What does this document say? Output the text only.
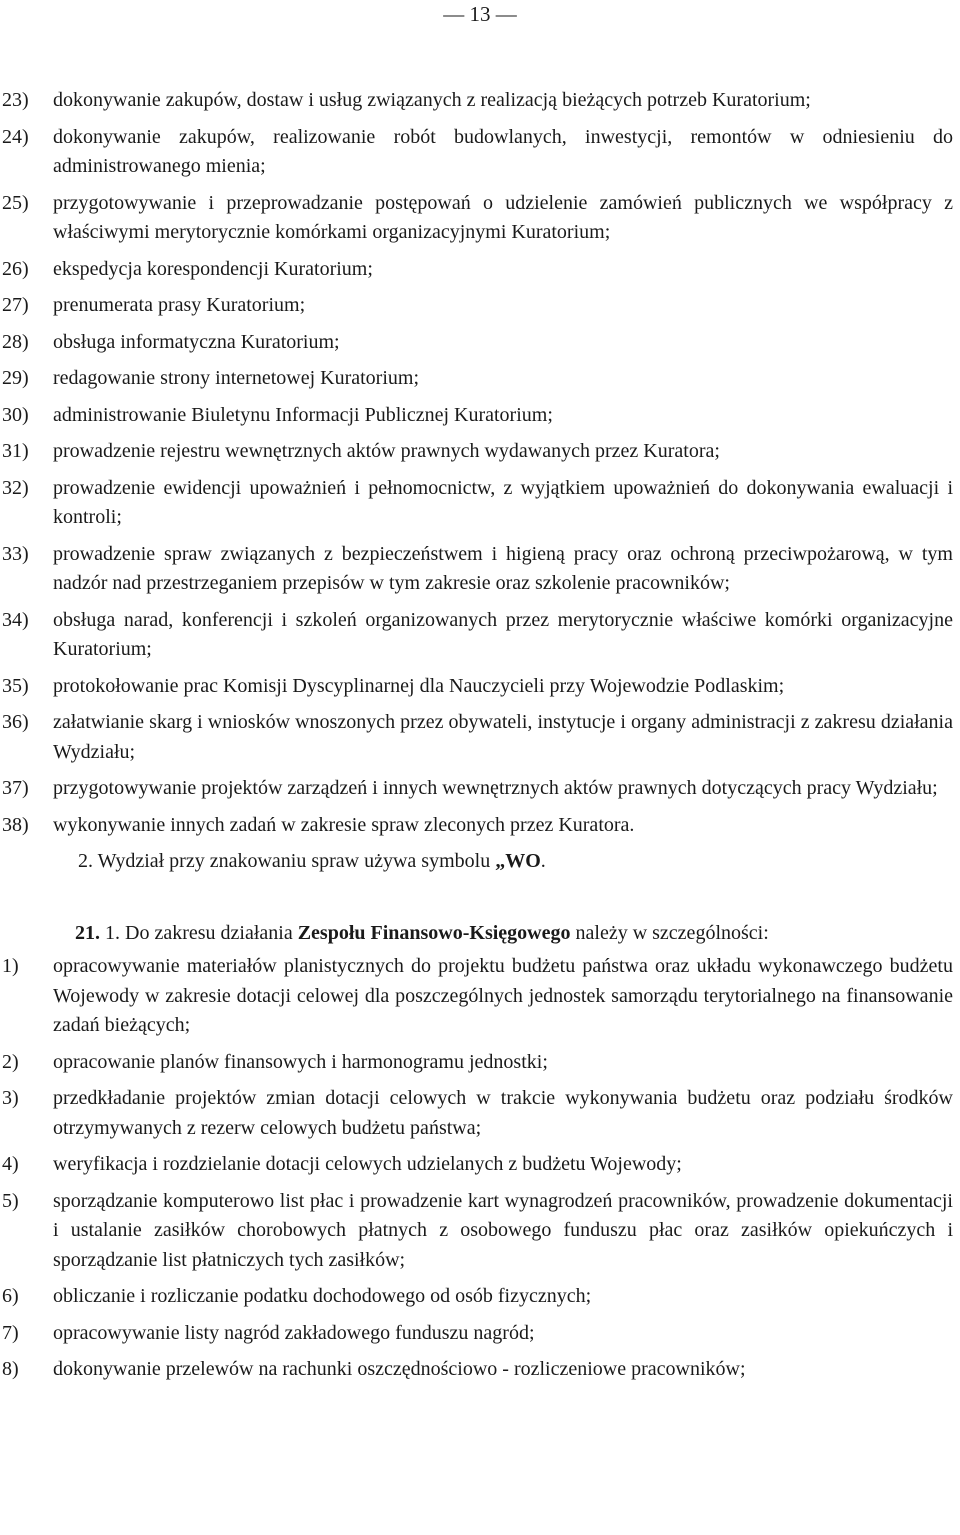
— 13 —
23)	dokonywanie zakupów, dostaw i usług związanych z realizacją bieżących potrzeb Kuratorium;
24)	dokonywanie zakupów, realizowanie robót budowlanych, inwestycji, remontów w odniesieniu do administrowanego mienia;
25)	przygotowywanie i przeprowadzanie postępowań o udzielenie zamówień publicznych we współpracy z właściwymi merytorycznie komórkami organizacyjnymi Kuratorium;
26)	ekspedycja korespondencji Kuratorium;
27)	prenumerata prasy Kuratorium;
28)	obsługa informatyczna Kuratorium;
29)	redagowanie strony internetowej Kuratorium;
30)	administrowanie Biuletynu Informacji Publicznej Kuratorium;
31)	prowadzenie rejestru wewnętrznych aktów prawnych wydawanych przez Kuratora;
32)	prowadzenie ewidencji upoważnień i pełnomocnictw, z wyjątkiem upoważnień do dokonywania ewaluacji i kontroli;
33)	prowadzenie spraw związanych z bezpieczeństwem i higieną pracy oraz ochroną przeciwpożarową, w tym nadzór nad przestrzeganiem przepisów w tym zakresie oraz szkolenie pracowników;
34)	obsługa narad, konferencji i szkoleń organizowanych przez merytorycznie właściwe komórki organizacyjne Kuratorium;
35)	protokołowanie prac Komisji Dyscyplinarnej dla Nauczycieli przy Wojewodzie Podlaskim;
36)	załatwianie skarg i wniosków wnoszonych przez obywateli, instytucje i organy administracji z zakresu działania Wydziału;
37)	przygotowywanie projektów zarządzeń i innych wewnętrznych aktów prawnych dotyczących pracy Wydziału;
38)	wykonywanie innych zadań w zakresie spraw zleconych przez Kuratora.
2. Wydział przy znakowaniu spraw używa symbolu „WO.
21. 1. Do zakresu działania Zespołu Finansowo-Księgowego należy w szczególności:
1)	opracowywanie materiałów planistycznych do projektu budżetu państwa oraz układu wykonawczego budżetu Wojewody w zakresie dotacji celowej dla poszczególnych jednostek samorządu terytorialnego na finansowanie zadań bieżących;
2)	opracowanie planów finansowych i harmonogramu jednostki;
3)	przedkładanie projektów zmian dotacji celowych w trakcie wykonywania budżetu oraz podziału środków otrzymywanych z rezerw celowych budżetu państwa;
4)	weryfikacja i rozdzielanie dotacji celowych udzielanych z budżetu Wojewody;
5)	sporządzanie komputerowo list płac i prowadzenie kart wynagrodzeń pracowników, prowadzenie dokumentacji i ustalanie zasiłków chorobowych płatnych z osobowego funduszu płac oraz zasiłków opiekuńczych i sporządzanie list płatniczych tych zasiłków;
6)	obliczanie i rozliczanie podatku dochodowego od osób fizycznych;
7)	opracowywanie listy nagród zakładowego funduszu nagród;
8)	dokonywanie przelewów na rachunki oszczędnościowo - rozliczeniowe pracowników;
